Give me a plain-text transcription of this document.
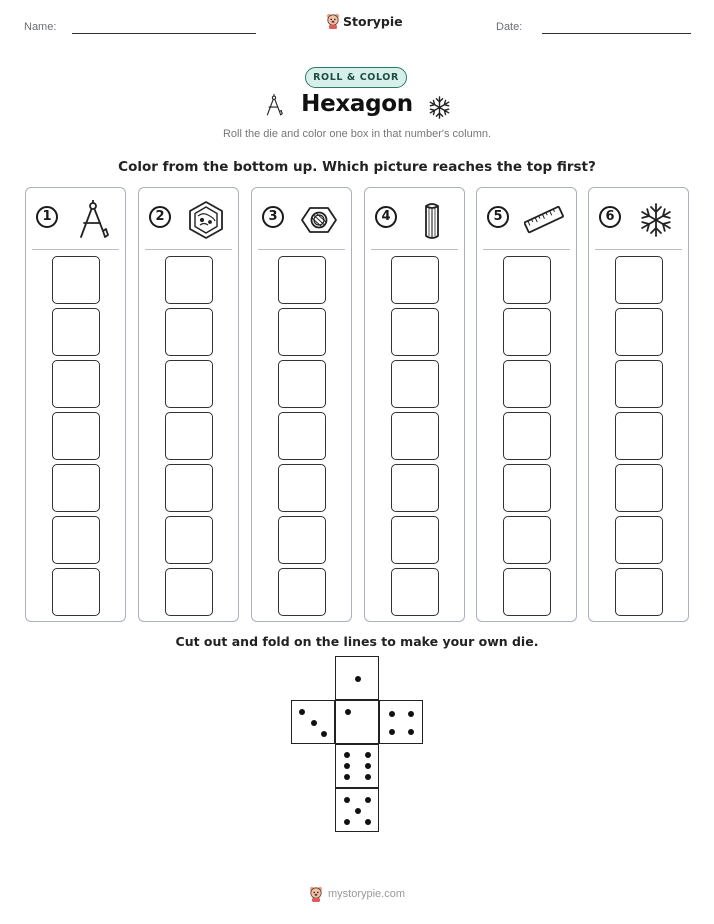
Name:	Storypie	Date:
ROLL & COLOR
Hexagon
Roll the die and color one box in that number's column.
Color from the bottom up. Which picture reaches the top first?
1	2	3	4	5	6
Cut out and fold on the lines to make your own die.
mystorypie.com
